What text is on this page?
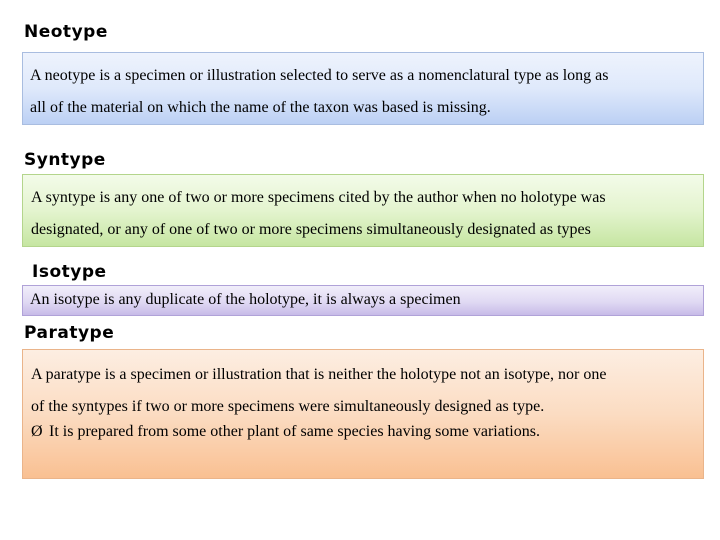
Neotype

A neotype is a specimen or illustration selected to serve as a nomenclatural type as long as

all of the material on which the name of the taxon was based is missing.

Syntype

A syntype is any one of two or more specimens cited by the author when no holotype was

designated, or any of one of two or more specimens simultaneously designated as types

Isotype

An isotype is any duplicate of the holotype, it is always a specimen

Paratype

A paratype is a specimen or illustration that is neither the holotype not an isotype, nor one

of the syntypes if two or more specimens were simultaneously designed as type.

Ø It is prepared from some other plant of same species having some variations.
